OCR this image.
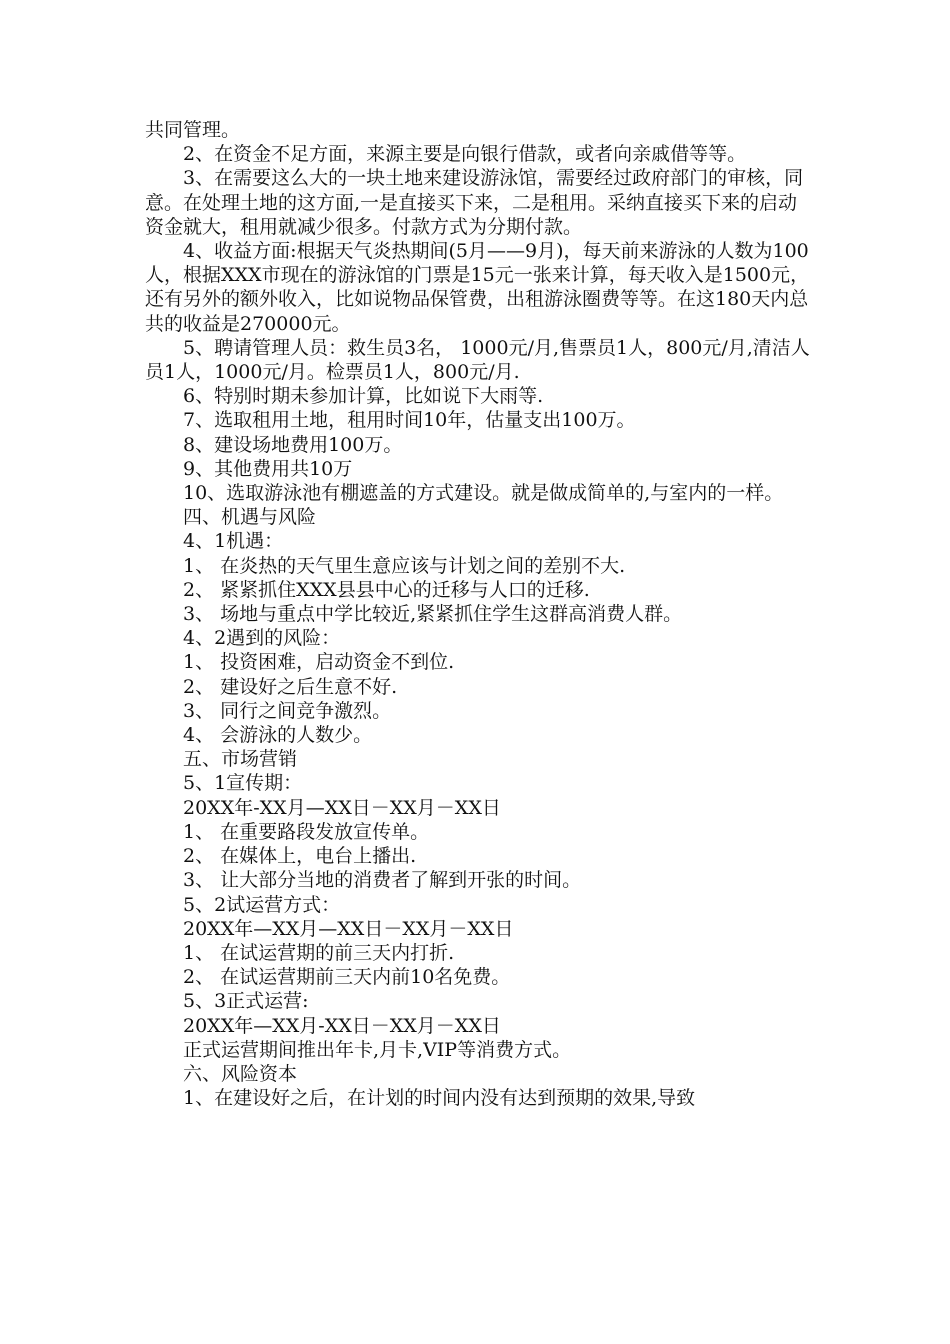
共同管理。

2、在资金不足方面，来源主要是向银行借款，或者向亲戚借等等。

3、在需要这么大的一块土地来建设游泳馆，需要经过政府部门的审核，同意。在处理土地的这方面,一是直接买下来，二是租用。采纳直接买下来的启动资金就大，租用就减少很多。付款方式为分期付款。

4、收益方面:根据天气炎热期间(5月——9月)，每天前来游泳的人数为100人，根据XXX市现在的游泳馆的门票是15元一张来计算，每天收入是1500元，还有另外的额外收入，比如说物品保管费，出租游泳圈费等等。在这180天内总共的收益是270000元。

5、聘请管理人员：救生员3名， 1000元/月,售票员1人，800元/月,清洁人员1人，1000元/月。检票员1人，800元/月.

6、特别时期未参加计算，比如说下大雨等.

7、选取租用土地，租用时间10年，估量支出100万。

8、建设场地费用100万。

9、其他费用共10万

10、选取游泳池有棚遮盖的方式建设。就是做成简单的,与室内的一样。

四、机遇与风险

4、1机遇：

1、 在炎热的天气里生意应该与计划之间的差别不大.

2、 紧紧抓住XXX县县中心的迁移与人口的迁移.

3、 场地与重点中学比较近,紧紧抓住学生这群高消费人群。

4、2遇到的风险：

1、 投资困难，启动资金不到位.

2、 建设好之后生意不好.

3、 同行之间竞争激烈。

4、 会游泳的人数少。

五、市场营销

5、1宣传期：

20XX年-XX月—XX日－XX月－XX日

1、 在重要路段发放宣传单。

2、 在媒体上，电台上播出.

3、 让大部分当地的消费者了解到开张的时间。

5、2试运营方式：

20XX年—XX月—XX日－XX月－XX日

1、 在试运营期的前三天内打折.

2、 在试运营期前三天内前10名免费。

5、3正式运营:

20XX年—XX月-XX日－XX月－XX日

正式运营期间推出年卡,月卡,VIP等消费方式。

六、风险资本

1、在建设好之后，在计划的时间内没有达到预期的效果,导致
